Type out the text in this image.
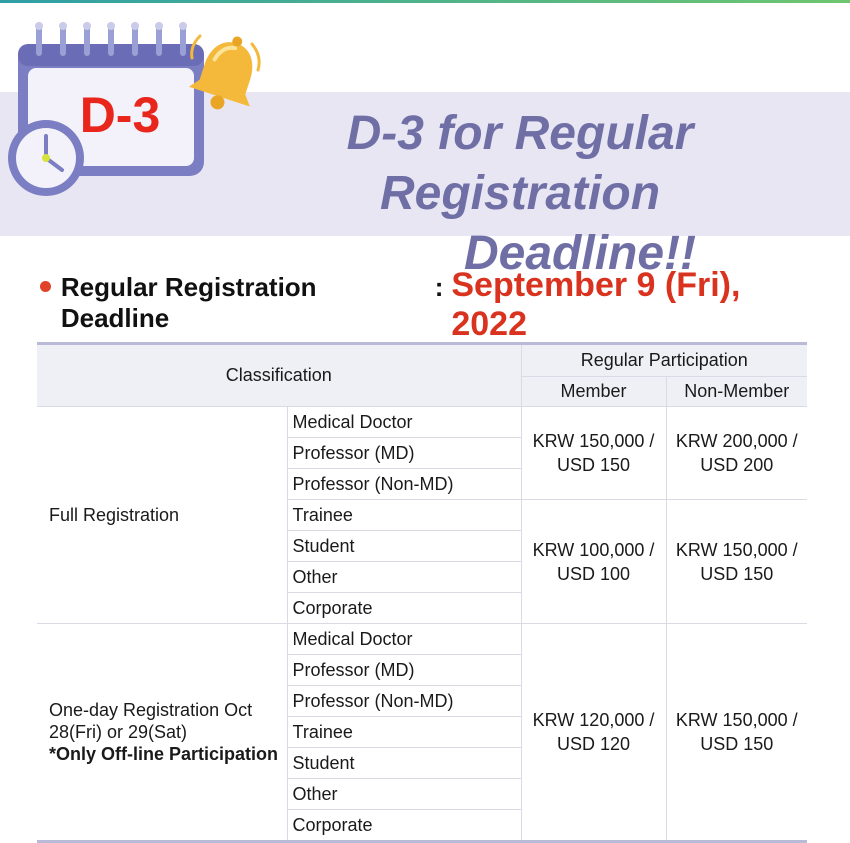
D-3	D-3 for Regular Registration
Deadline!!
Regular Registration Deadline
: September 9 (Fri), 2022
Classification		Regular Participation	
		Member	Non-Member
Full Registration	Medical Doctor	KRW 150,000 /
USD 150	KRW 200,000 /
USD 200
	Professor (MD)		
	Professor (Non-MD)		
	Trainee	KRW 100,000 /
USD 100	KRW 150,000 /
USD 150
	Student		
	Other		
	Corporate		
One-day Registration Oct 28(Fri) or 29(Sat)
*Only Off-line Participation	Medical Doctor	KRW 120,000 /
USD 120	KRW 150,000 /
USD 150
	Professor (MD)		
	Professor (Non-MD)		
	Trainee		
	Student		
	Other		
	Corporate		
